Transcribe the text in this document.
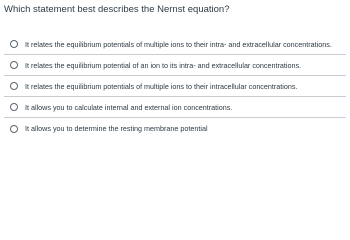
Which statement best describes the Nernst equation?

It relates the equilibrium potentials of multiple ions to their intra- and extracellular concentrations.
It relates the equilibrium potential of an ion to its intra- and extracellular concentrations.
It relates the equilibrium potentials of multiple ions to their intracellular concentrations.
It allows you to calculate internal and external ion concentrations.
It allows you to determine the resting membrane potential
